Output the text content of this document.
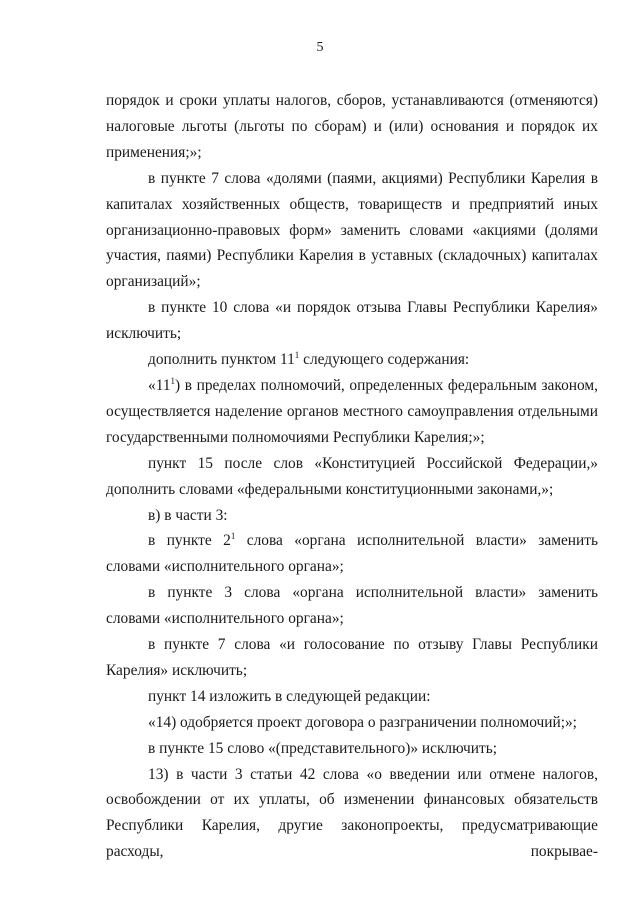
5

порядок и сроки уплаты налогов, сборов, устанавливаются (отменяются) налоговые льготы (льготы по сборам) и (или) основания и порядок их применения;»;

в пункте 7 слова «долями (паями, акциями) Республики Карелия в капиталах хозяйственных обществ, товариществ и предприятий иных организационно-правовых форм» заменить словами «акциями (долями участия, паями) Республики Карелия в уставных (складочных) капиталах организаций»;

в пункте 10 слова «и порядок отзыва Главы Республики Карелия» исключить;

дополнить пунктом $11^1$ следующего содержания:

«$11^1$) в пределах полномочий, определенных федеральным законом, осуществляется наделение органов местного самоуправления отдельными государственными полномочиями Республики Карелия;»;

пункт 15 после слов «Конституцией Российской Федерации,» дополнить словами «федеральными конституционными законами,»;

в) в части 3:

в пункте $2^1$ слова «органа исполнительной власти» заменить словами «исполнительного органа»;

в пункте 3 слова «органа исполнительной власти» заменить словами «исполнительного органа»;

в пункте 7 слова «и голосование по отзыву Главы Республики Карелия» исключить;

пункт 14 изложить в следующей редакции:

«14) одобряется проект договора о разграничении полномочий;»;

в пункте 15 слово «(представительного)» исключить;

13) в части 3 статьи 42 слова «о введении или отмене налогов, освобождении от их уплаты, об изменении финансовых обязательств Республики Карелия, другие законопроекты, предусматривающие расходы, покрывае-
